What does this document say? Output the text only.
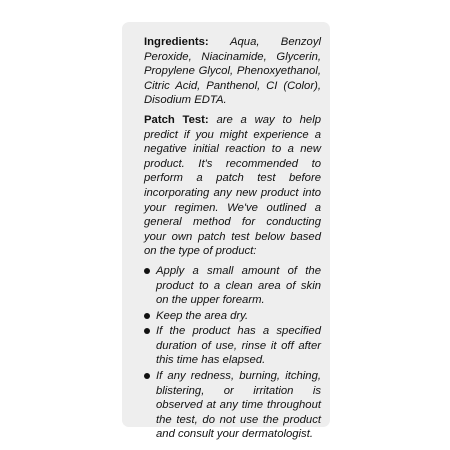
Ingredients: Aqua, Benzoyl Peroxide, Niacinamide, Glycerin, Propylene Glycol, Phenoxyethanol, Citric Acid, Panthenol, CI (Color), Disodium EDTA.

Patch Test: are a way to help predict if you might experience a negative initial reaction to a new product. It's recommended to perform a patch test before incorporating any new product into your regimen. We've outlined a general method for conducting your own patch test below based on the type of product:

Apply a small amount of the product to a clean area of skin on the upper forearm.
Keep the area dry.
If the product has a specified duration of use, rinse it off after this time has elapsed.
If any redness, burning, itching, blistering, or irritation is observed at any time throughout the test, do not use the product and consult your dermatologist.
